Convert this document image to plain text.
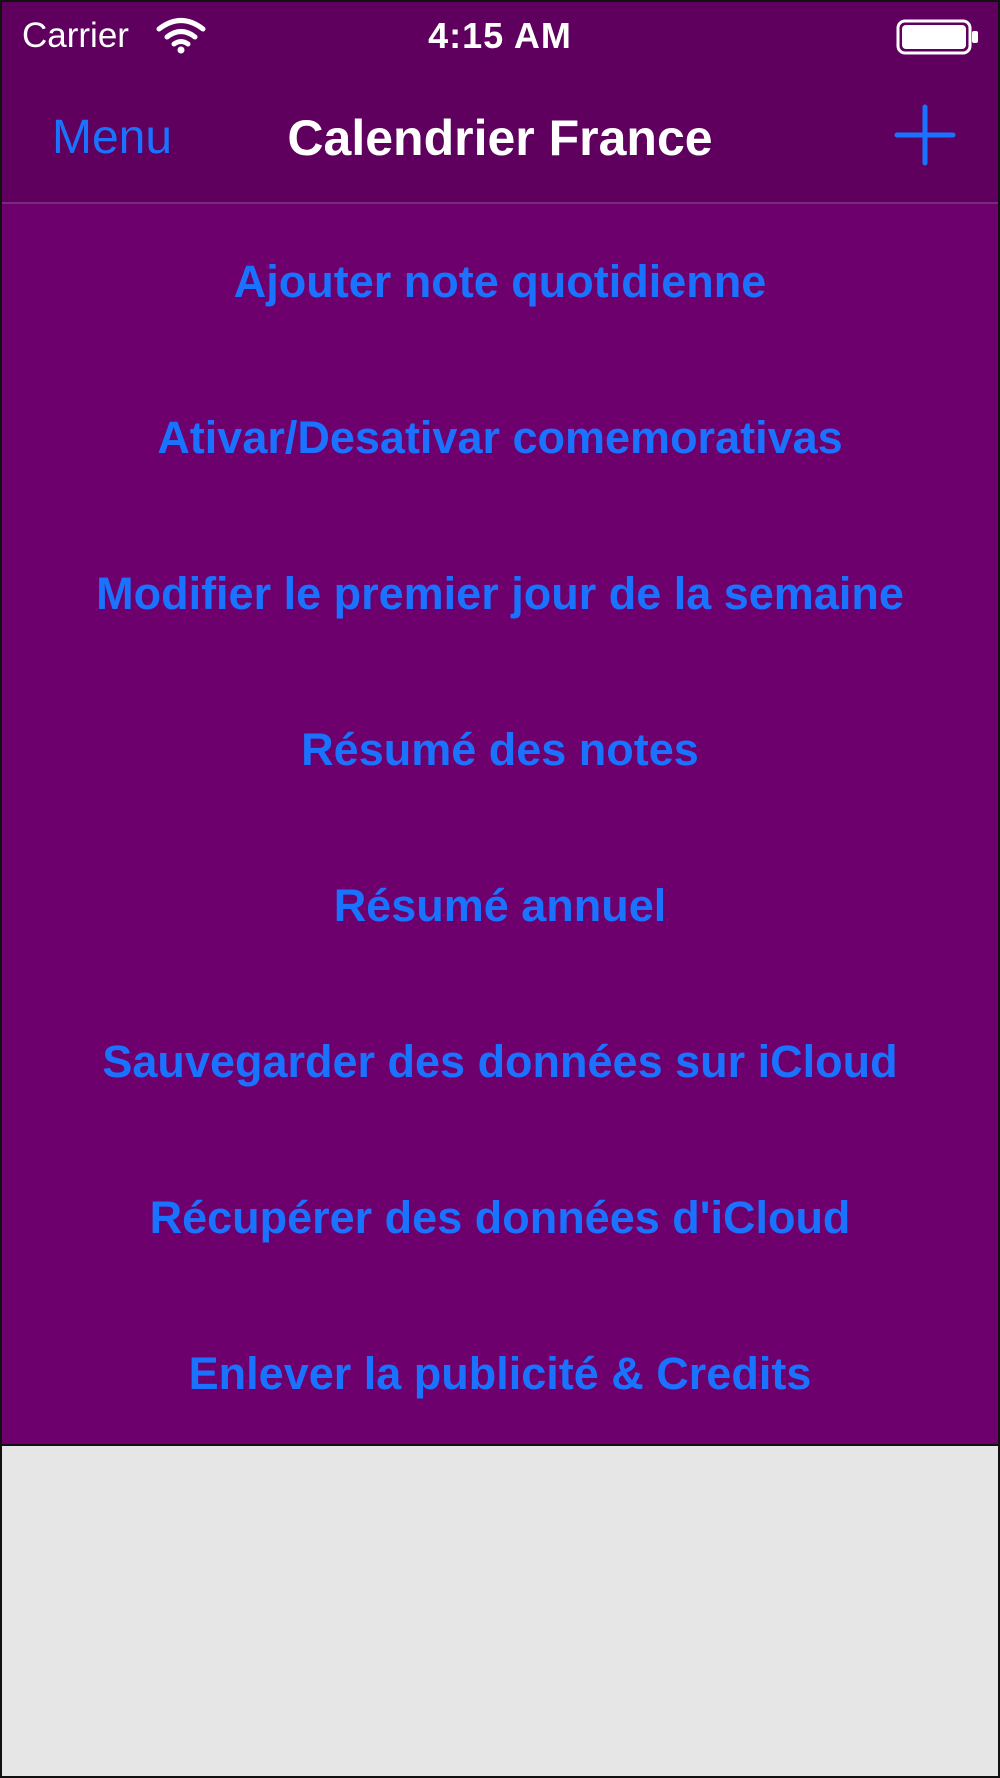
Carrier	4:15 AM
Menu	Calendrier France
Ajouter note quotidienne
Ativar/Desativar comemorativas
Modifier le premier jour de la semaine
Résumé des notes
Résumé annuel
Sauvegarder des données sur iCloud
Récupérer des données d'iCloud
Enlever la publicité & Credits
